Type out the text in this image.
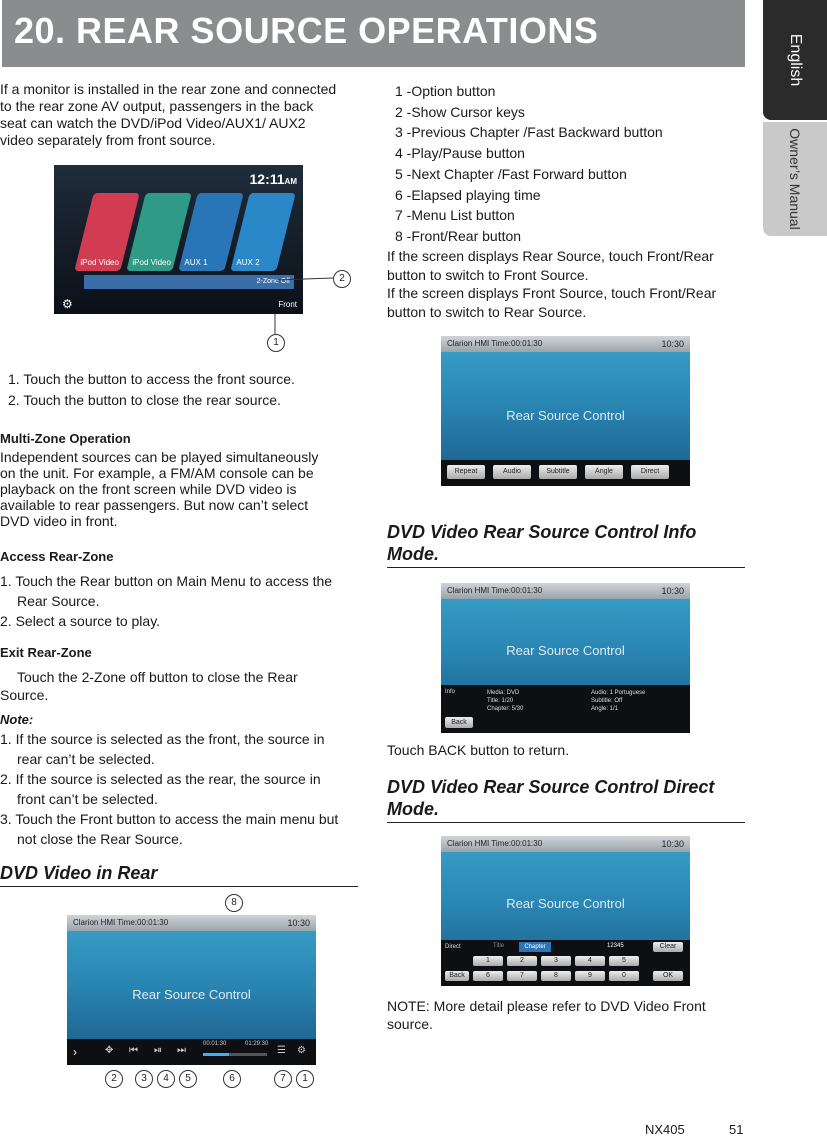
20. REAR SOURCE OPERATIONS
English
Owner’s Manual
If a monitor is installed in the rear zone and connected
to the rear zone AV output, passengers in the back
seat can watch the DVD/iPod Video/AUX1/ AUX2
video separately from front source.
12:11AM
iPod Video iPod Video AUX 1	AUX 2
2-Zone Off
⚙	Front
2
1
1. Touch the button to access the front source.
2. Touch the button to close the rear source.
Multi-Zone Operation
Independent sources can be played simultaneously
on the unit. For example, a FM/AM console can be
playback on the front screen while DVD video is
available to rear passengers. But now can’t select
DVD video in front.
Access Rear-Zone
1. Touch the Rear button on Main Menu to access the
Rear Source.
2. Select a source to play.
Exit Rear-Zone
Touch the 2-Zone off button to close the Rear
Source.
Note:
1. If the source is selected as the front, the source in
rear can’t be selected.
2. If the source is selected as the rear, the source in
front can’t be selected.
3. Touch the Front button to access the main menu but
not close the Rear Source.
DVD Video in Rear
Clarion HMI Time:00:01:30	10:30
Rear Source Control
›	✥ ⏮ ⏯ ⏭
00:01:30	01:29:30
☰ ⚙
8
2	3	4	5	6	7	1
1 -Option button
2 -Show Cursor keys
3 -Previous Chapter /Fast Backward button
4 -Play/Pause button
5 -Next Chapter /Fast Forward button
6 -Elapsed playing time
7 -Menu List button
8 -Front/Rear button
If the screen displays Rear Source, touch Front/Rear
button to switch to Front Source.
If the screen displays Front Source, touch Front/Rear
button to switch to Rear Source.
Clarion HMI Time:00:01:30	10:30
Rear Source Control
Repeat	Audio	Subtitle	Angle	Direct
DVD Video Rear Source Control Info
Mode.
Clarion HMI Time:00:01:30	10:30
Rear Source Control
Info	Media: DVD
Title: 1/20
Chapter: 5/30
Audio: 1 Portuguese
Subtitle: Off
Angle: 1/1
Back
Touch BACK button to return.
DVD Video Rear Source Control Direct
Mode.
Clarion HMI Time:00:01:30	10:30
Rear Source Control
Direct	Title	Chapter	12345	Clear
1	2	3	4	5
6	7	8	9	0	OK
Back
NOTE: More detail please refer to DVD Video Front
source.
NX405	51
